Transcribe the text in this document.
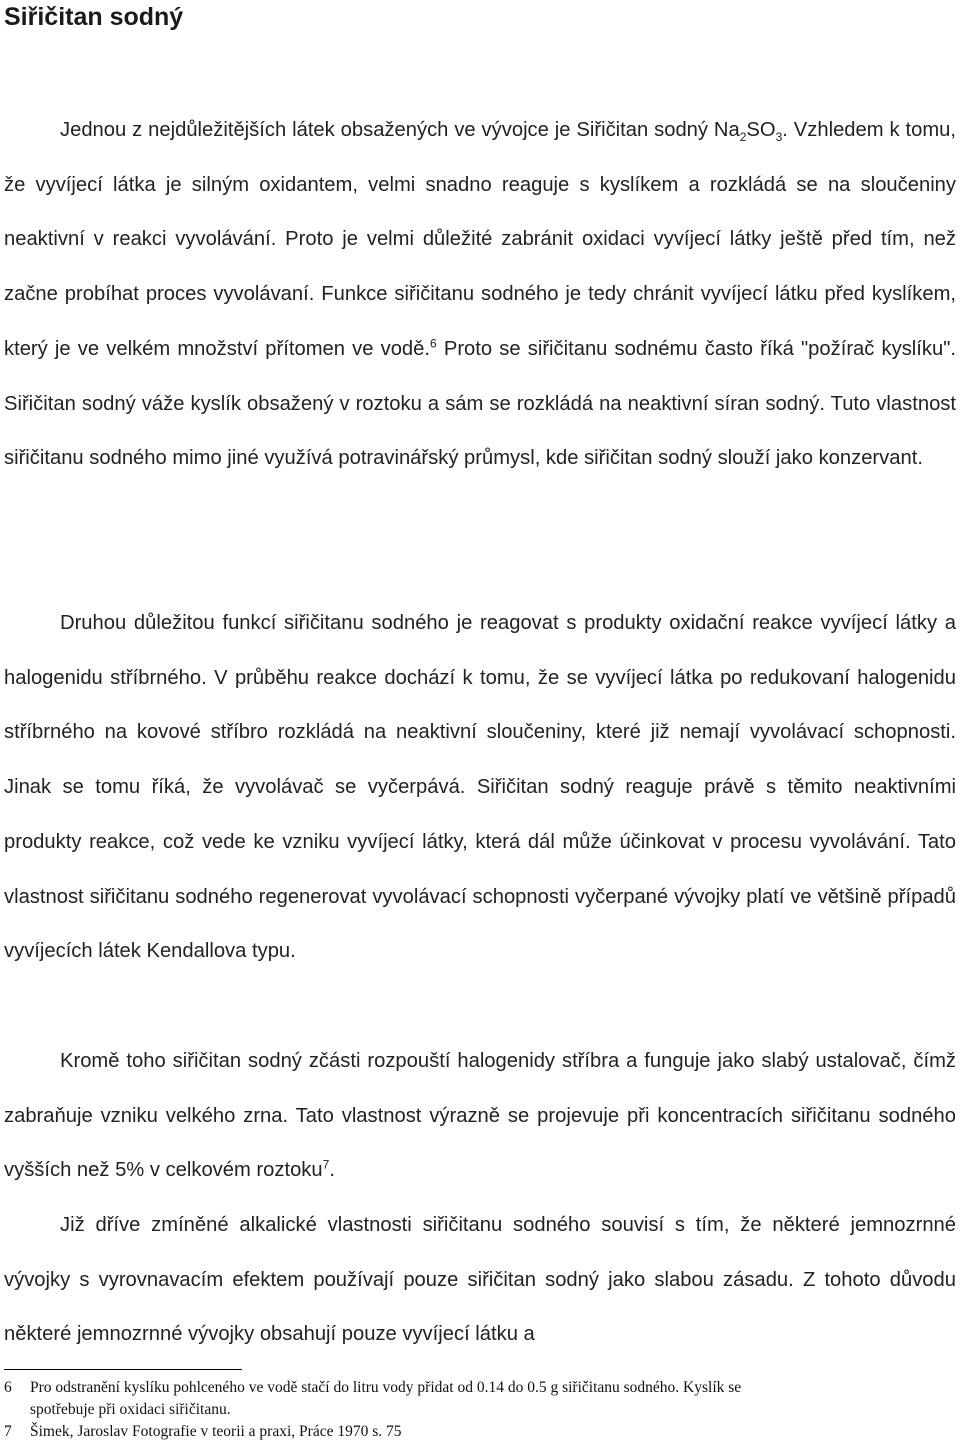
Siřičitan sodný

Jednou z nejdůležitějších látek obsažených ve vývojce je Siřičitan sodný $Na_2SO_3$. Vzhledem k tomu, že vyvíjecí látka je silným oxidantem, velmi snadno reaguje s kyslíkem a rozkládá se na sloučeniny neaktivní v reakci vyvolávání. Proto je velmi důležité zabránit oxidaci vyvíjecí látky ještě před tím, než začne probíhat proces vyvolávaní. Funkce siřičitanu sodného je tedy chránit vyvíjecí látku před kyslíkem, který je ve velkém množství přítomen ve vodě.$^6$ Proto se siřičitanu sodnému často říká "požírač kyslíku". Siřičitan sodný váže kyslík obsažený v roztoku a sám se rozkládá na neaktivní síran sodný. Tuto vlastnost siřičitanu sodného mimo jiné využívá potravinářský průmysl, kde siřičitan sodný slouží jako konzervant.

Druhou důležitou funkcí siřičitanu sodného je reagovat s produkty oxidační reakce vyvíjecí látky a halogenidu stříbrného. V průběhu reakce dochází k tomu, že se vyvíjecí látka po redukovaní halogenidu stříbrného na kovové stříbro rozkládá na neaktivní sloučeniny, které již nemají vyvolávací schopnosti. Jinak se tomu říká, že vyvolávač se vyčerpává. Siřičitan sodný reaguje právě s těmito neaktivními produkty reakce, což vede ke vzniku vyvíjecí látky, která dál může účinkovat v procesu vyvolávání. Tato vlastnost siřičitanu sodného regenerovat vyvolávací schopnosti vyčerpané vývojky platí ve většině případů vyvíjecích látek Kendallova typu.

Kromě toho siřičitan sodný zčásti rozpouští halogenidy stříbra a funguje jako slabý ustalovač, čímž zabraňuje vzniku velkého zrna. Tato vlastnost výrazně se projevuje při koncentracích siřičitanu sodného vyšších než 5% v celkovém roztoku$^7$.

Již dříve zmíněné alkalické vlastnosti siřičitanu sodného souvisí s tím, že některé jemnozrnné vývojky s vyrovnavacím efektem používají pouze siřičitan sodný jako slabou zásadu. Z tohoto důvodu některé jemnozrnné vývojky obsahují pouze vyvíjecí látku a

6 Pro odstranění kyslíku pohlceného ve vodě stačí do litru vody přidat od 0.14 do 0.5 g siřičitanu sodného. Kyslík se
spotřebuje při oxidaci siřičitanu.
7 Šimek, Jaroslav Fotografie v teorii a praxi, Práce 1970 s. 75
